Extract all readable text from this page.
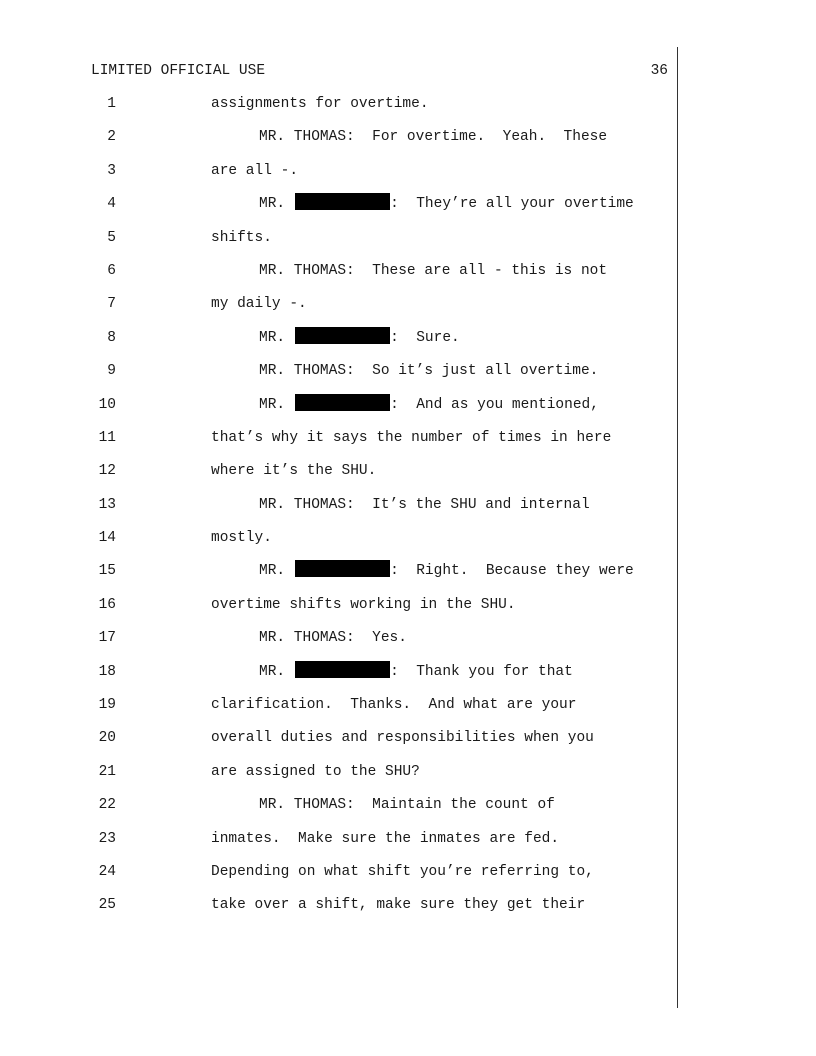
LIMITED OFFICIAL USE	36
1	assignments for overtime.
2	MR. THOMAS:  For overtime.  Yeah.  These
3	are all -.
4	MR.	:  They’re all your overtime
5	shifts.
6	MR. THOMAS:  These are all - this is not
7	my daily -.
8	MR.	:  Sure.
9	MR. THOMAS:  So it’s just all overtime.
10	MR.	:  And as you mentioned,
11	that’s why it says the number of times in here
12	where it’s the SHU.
13	MR. THOMAS:  It’s the SHU and internal
14	mostly.
15	MR.	:  Right.  Because they were
16	overtime shifts working in the SHU.
17	MR. THOMAS:  Yes.
18	MR.	:  Thank you for that
19	clarification.  Thanks.  And what are your
20	overall duties and responsibilities when you
21	are assigned to the SHU?
22	MR. THOMAS:  Maintain the count of
23	inmates.  Make sure the inmates are fed.
24	Depending on what shift you’re referring to,
25	take over a shift, make sure they get their
